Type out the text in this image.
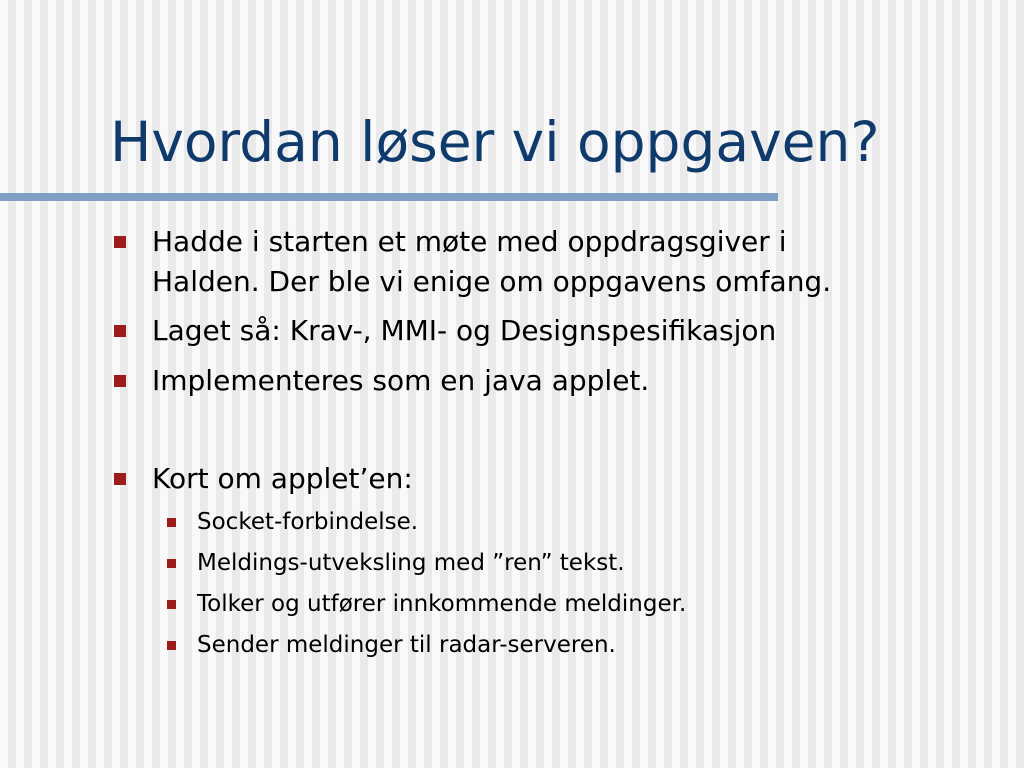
Hvordan løser vi oppgaven?
Hadde i starten et møte med oppdragsgiver i
Halden. Der ble vi enige om oppgavens omfang.
Laget så: Krav-, MMI- og Designspesifikasjon
Implementeres som en java applet.
Kort om applet’en:
Socket-forbindelse.
Meldings-utveksling med ”ren” tekst.
Tolker og utfører innkommende meldinger.
Sender meldinger til radar-serveren.
